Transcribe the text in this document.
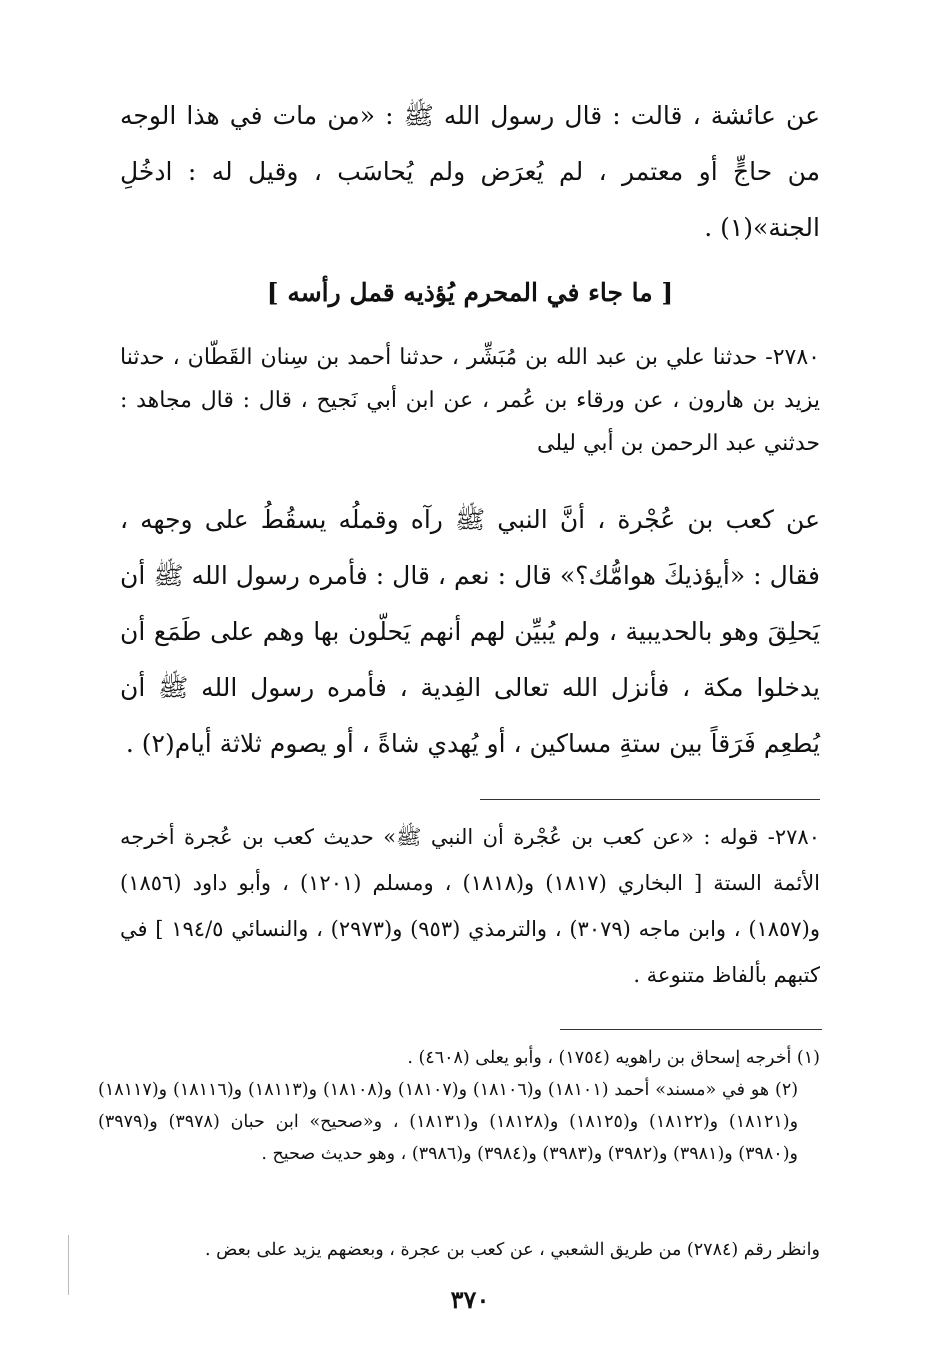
عن عائشة ، قالت : قال رسول الله ﷺ : «من مات في هذا الوجه من حاجٍّ أو معتمر ، لم يُعرَض ولم يُحاسَب ، وقيل له : ادخُلِ الجنة»(١) .
[ ما جاء في المحرم يُؤذيه قمل رأسه ]
٢٧٨٠- حدثنا علي بن عبد الله بن مُبَشِّر ، حدثنا أحمد بن سِنان القَطّان ، حدثنا يزيد بن هارون ، عن ورقاء بن عُمر ، عن ابن أبي نَجيح ، قال : قال مجاهد : حدثني عبد الرحمن بن أبي ليلى
عن كعب بن عُجْرة ، أنَّ النبي ﷺ رآه وقملُه يسقُطُ على وجهه ، فقال : «أيؤذيكَ هوامُّك؟» قال : نعم ، قال : فأمره رسول الله ﷺ أن يَحلِقَ وهو بالحديبية ، ولم يُبيِّن لهم أنهم يَحلّون بها وهم على طَمَع أن يدخلوا مكة ، فأنزل الله تعالى الفِدية ، فأمره رسول الله ﷺ أن يُطعِم فَرَقاً بين ستةِ مساكين ، أو يُهدي شاةً ، أو يصوم ثلاثة أيام(٢) .
٢٧٨٠- قوله : «عن كعب بن عُجْرة أن النبي ﷺ» حديث كعب بن عُجرة أخرجه الأئمة الستة [ البخاري (١٨١٧) و(١٨١٨) ، ومسلم (١٢٠١) ، وأبو داود (١٨٥٦) و(١٨٥٧) ، وابن ماجه (٣٠٧٩) ، والترمذي (٩٥٣) و(٢٩٧٣) ، والنسائي ١٩٤/٥ ] في كتبهم بألفاظ متنوعة .
(١) أخرجه إسحاق بن راهويه (١٧٥٤) ، وأبو يعلى (٤٦٠٨) .
(٢) هو في «مسند» أحمد (١٨١٠١) و(١٨١٠٦) و(١٨١٠٧) و(١٨١٠٨) و(١٨١١٣) و(١٨١١٦) و(١٨١١٧) و(١٨١٢١) و(١٨١٢٢) و(١٨١٢٥) و(١٨١٢٨) و(١٨١٣١) ، و«صحيح» ابن حبان (٣٩٧٨) و(٣٩٧٩) و(٣٩٨٠) و(٣٩٨١) و(٣٩٨٢) و(٣٩٨٣) و(٣٩٨٤) و(٣٩٨٦) ، وهو حديث صحيح .
وانظر رقم (٢٧٨٤) من طريق الشعبي ، عن كعب بن عجرة ، وبعضهم يزيد على بعض .
٣٧٠
